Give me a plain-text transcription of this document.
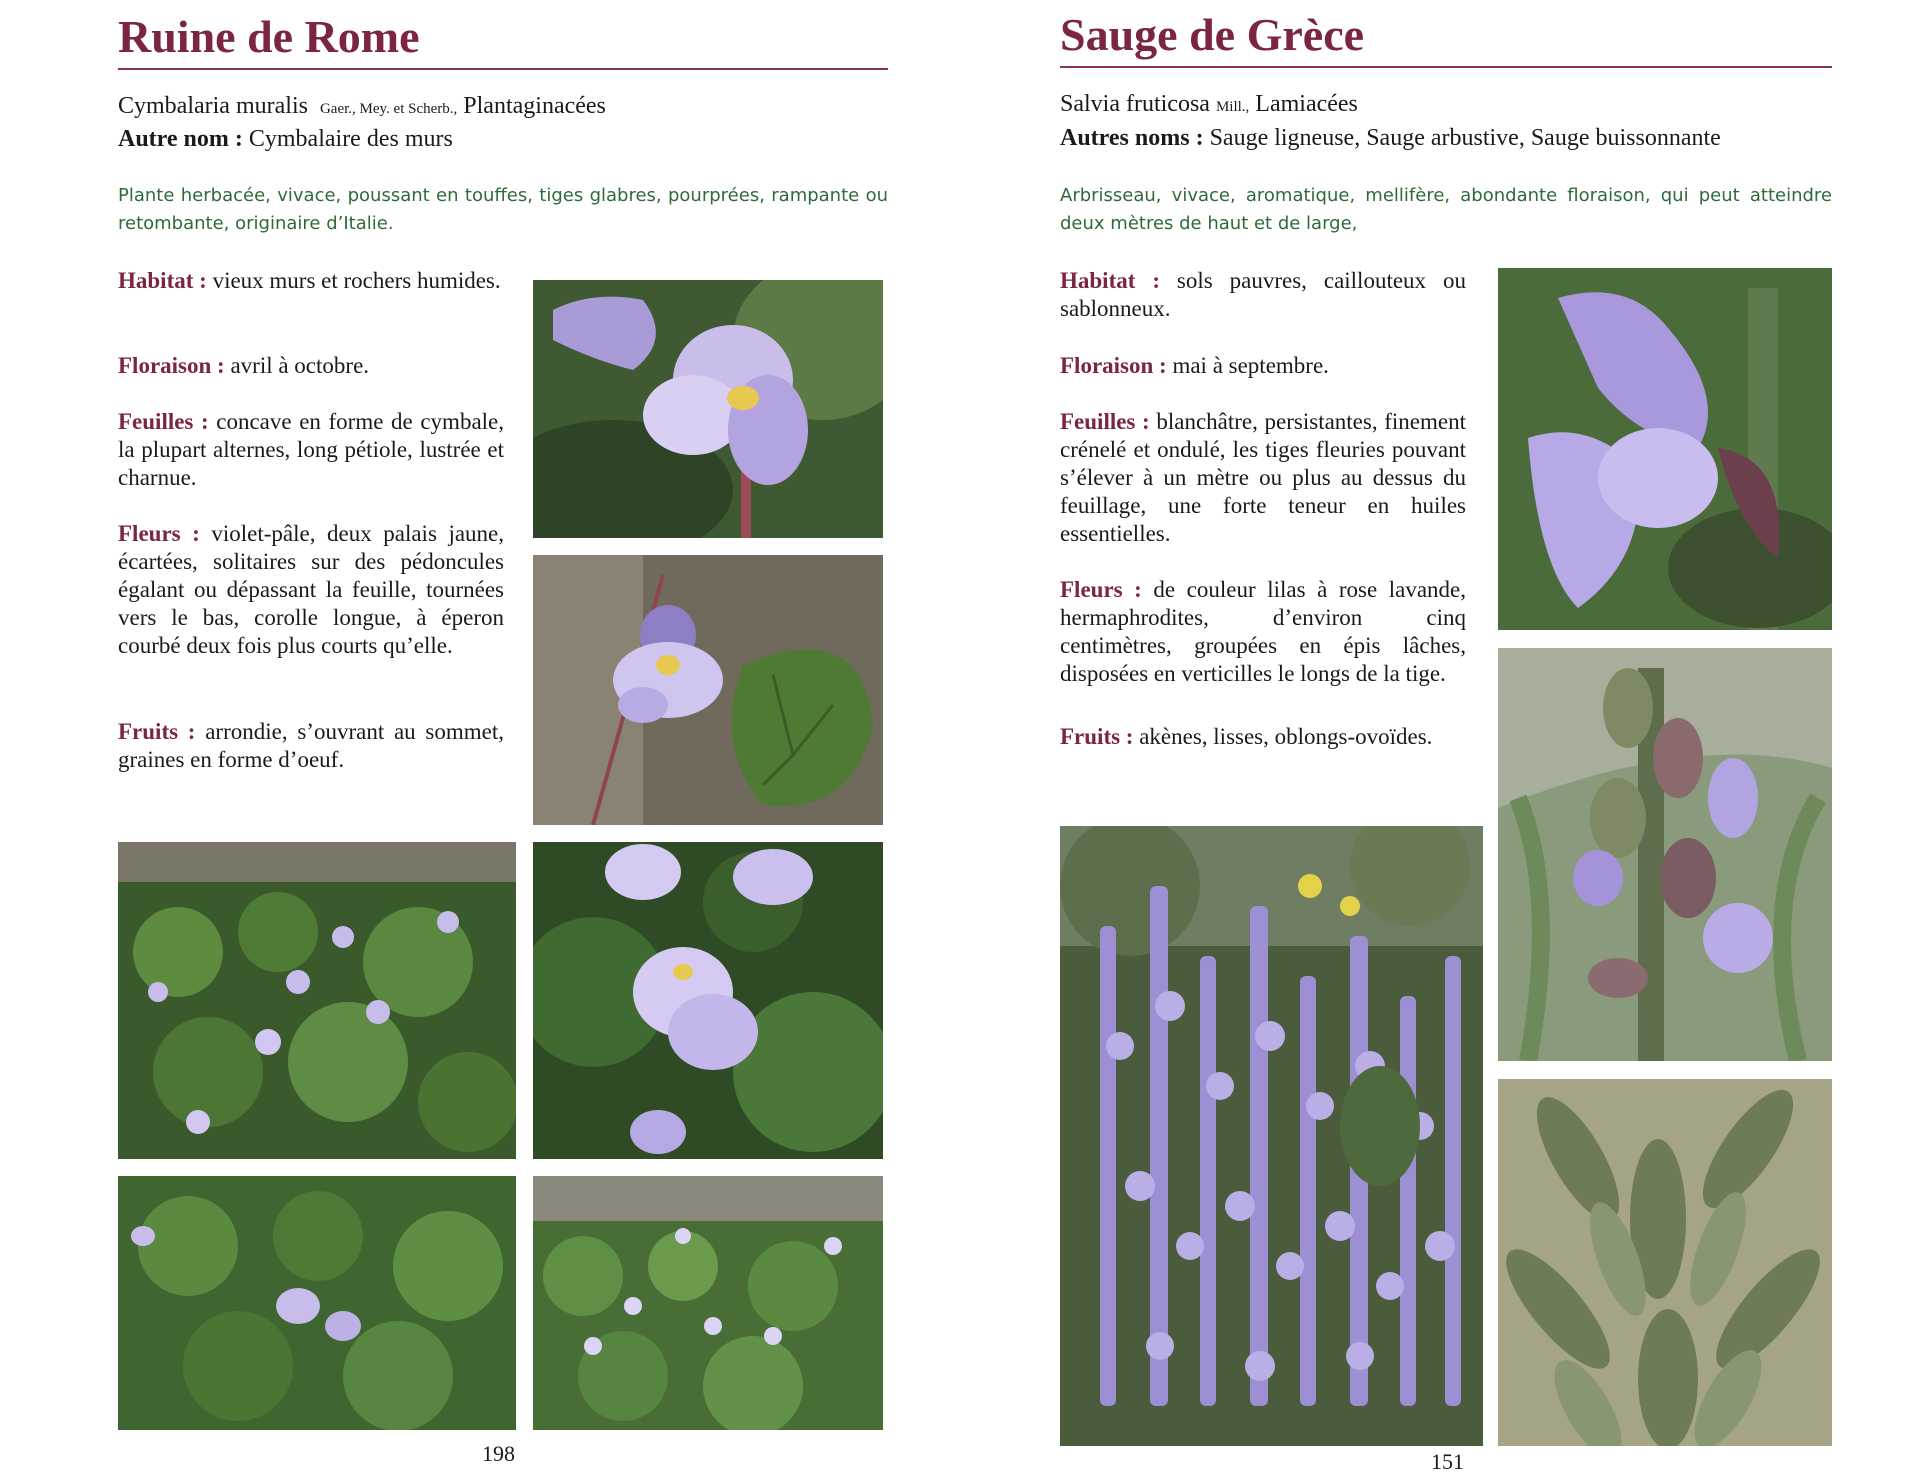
Ruine de Rome
Cymbalaria muralis Gaer., Mey. et Scherb., Plantaginacées
Autre nom : Cymbalaire des murs

Plante herbacée, vivace, poussant en touffes, tiges glabres, pourprées, rampante ou retombante, originaire d’Italie.

Habitat : vieux murs et rochers humides.

Floraison : avril à octobre.

Feuilles : concave en forme de cymbale, la plupart alternes, long pétiole, lustrée et charnue.

Fleurs : violet-pâle, deux palais jaune, écartées, solitaires sur des pédoncules égalant ou dépassant la feuille, tournées vers le bas, corolle longue, à éperon courbé deux fois plus courts qu’elle.

Fruits : arrondie, s’ouvrant au sommet, graines en forme d’oeuf.

198
Sauge de Grèce
Salvia fruticosa Mill., Lamiacées
Autres noms : Sauge ligneuse, Sauge arbustive, Sauge buissonnante

Arbrisseau, vivace, aromatique, mellifère, abondante floraison, qui peut atteindre deux mètres de haut et de large,

Habitat : sols pauvres, caillouteux ou sablonneux.

Floraison : mai à septembre.

Feuilles : blanchâtre, persistantes, finement crénelé et ondulé, les tiges fleuries pouvant s’élever à un mètre ou plus au dessus du feuillage, une forte teneur en huiles essentielles.

Fleurs : de couleur lilas à rose lavande, hermaphrodites, d’environ cinq centimètres, groupées en épis lâches, disposées en verticilles le longs de la tige.

Fruits : akènes, lisses, oblongs-ovoïdes.

151
